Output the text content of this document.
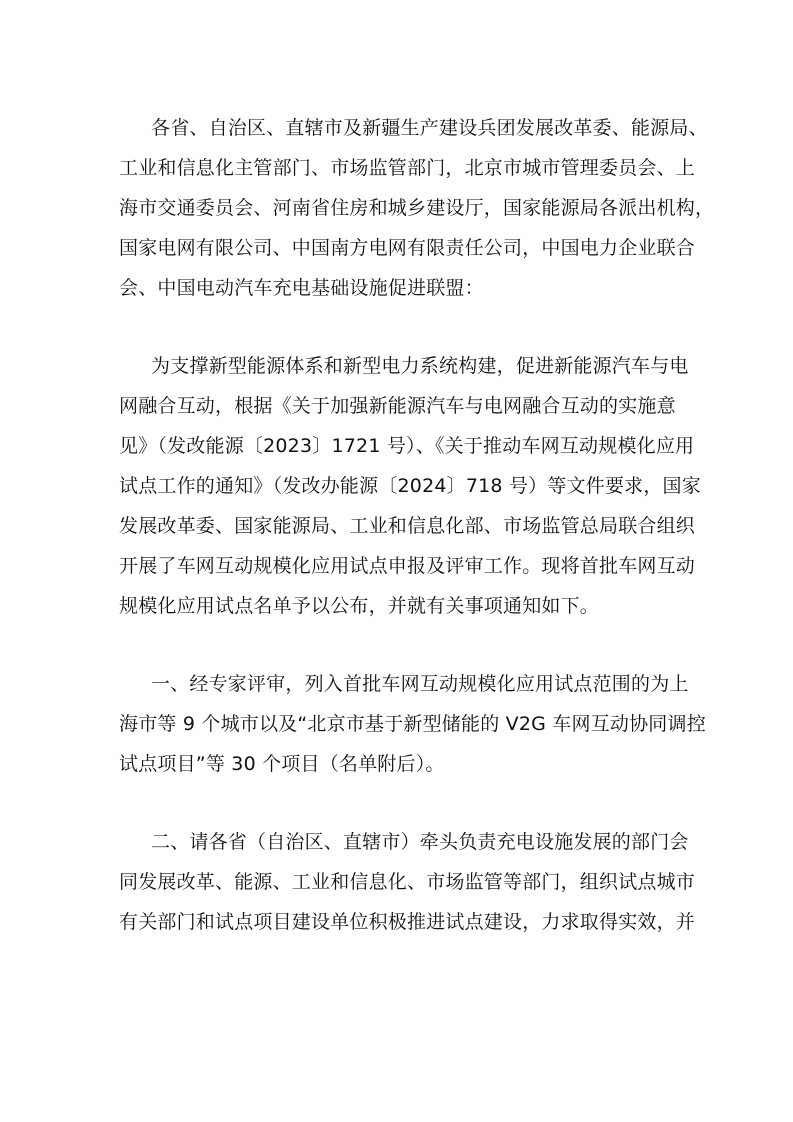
各省、自治区、直辖市及新疆生产建设兵团发展改革委、能源局、
工业和信息化主管部门、市场监管部门，北京市城市管理委员会、上
海市交通委员会、河南省住房和城乡建设厅，国家能源局各派出机构，
国家电网有限公司、中国南方电网有限责任公司，中国电力企业联合
会、中国电动汽车充电基础设施促进联盟：

为支撑新型能源体系和新型电力系统构建，促进新能源汽车与电
网融合互动，根据《关于加强新能源汽车与电网融合互动的实施意
见》（发改能源〔2023〕1721 号）、《关于推动车网互动规模化应用
试点工作的通知》（发改办能源〔2024〕718 号）等文件要求，国家
发展改革委、国家能源局、工业和信息化部、市场监管总局联合组织
开展了车网互动规模化应用试点申报及评审工作。现将首批车网互动
规模化应用试点名单予以公布，并就有关事项通知如下。

一、经专家评审，列入首批车网互动规模化应用试点范围的为上
海市等 9 个城市以及“北京市基于新型储能的 V2G 车网互动协同调控
试点项目”等 30 个项目（名单附后）。

二、请各省（自治区、直辖市）牵头负责充电设施发展的部门会
同发展改革、能源、工业和信息化、市场监管等部门，组织试点城市
有关部门和试点项目建设单位积极推进试点建设，力求取得实效，并
